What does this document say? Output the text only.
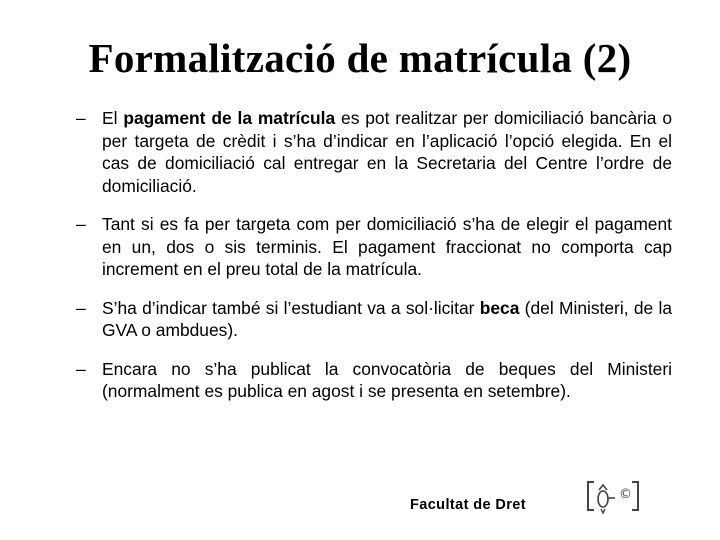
Formalització de matrícula (2)
– El pagament de la matrícula es pot realitzar per domiciliació bancària o per targeta de crèdit i s’ha d’indicar en l’aplicació l’opció elegida. En el cas de domiciliació cal entregar en la Secretaria del Centre l’ordre de domiciliació.
– Tant si es fa per targeta com per domiciliació s’ha de elegir el pagament en un, dos o sis terminis. El pagament fraccionat no comporta cap increment en el preu total de la matrícula.
– S’ha d’indicar també si l’estudiant va a sol·licitar beca (del Ministeri, de la GVA o ambdues).
– Encara no s’ha publicat la convocatòria de beques del Ministeri (normalment es publica en agost i se presenta en setembre).
Facultat de Dret
©
